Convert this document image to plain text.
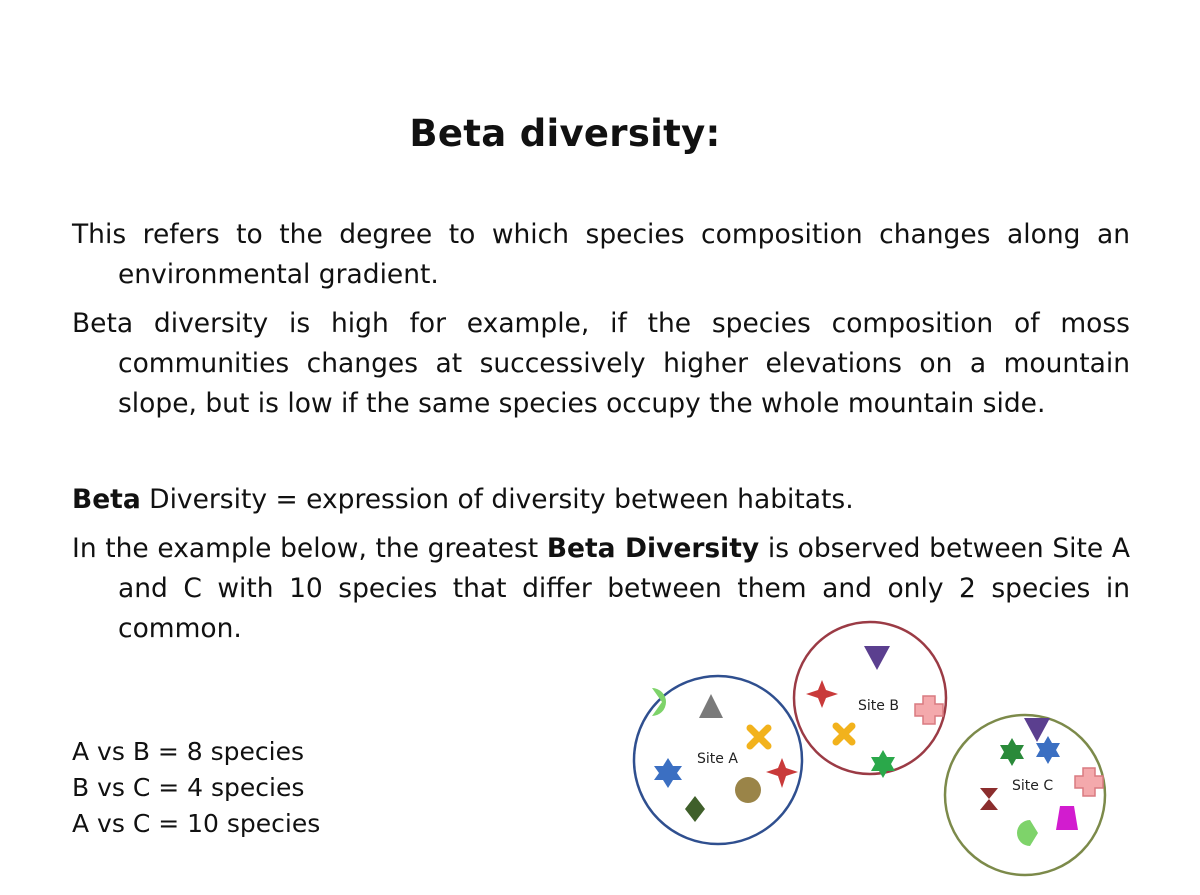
Beta diversity:

This refers to the degree to which species composition changes along an environmental gradient.

Beta diversity is high for example, if the species composition of moss communities changes at successively higher elevations on a mountain slope, but is low if the same species occupy the whole mountain side.

Beta Diversity = expression of diversity between habitats.

In the example below, the greatest Beta Diversity is observed between Site A and C with 10 species that differ between them and only 2 species in common.

A vs B = 8 species
B vs C = 4 species
A vs C = 10 species
Site A
Site B
Site C
